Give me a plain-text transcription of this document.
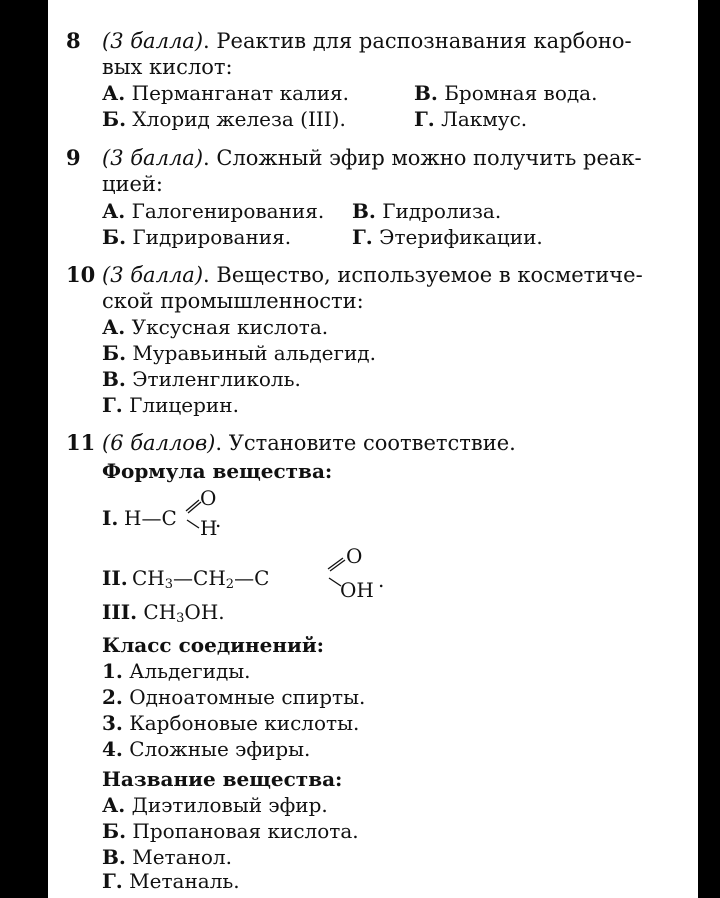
8 (3 балла). Реактив для распознавания карбоно-
вых кислот:
А. Перманганат калия.	В. Бромная вода.
Б. Хлорид железа (III).	Г. Лакмус.
9 (3 балла). Сложный эфир можно получить реак-
цией:
А. Галогенирования. В. Гидролиза.
Б. Гидрирования.	Г. Этерификации.
10 (3 балла). Вещество, используемое в косметиче-
ской промышленности:
А. Уксусная кислота.
Б. Муравьиный альдегид.
В. Этиленгликоль.
Г. Глицерин.
11 (6 баллов). Установите соответствие.
Формула вещества:
I. H—C
O
H
.
II. $CH_3—CH_2—C$
O
OH .
III. $CH_3OH$.
Класс соединений:
1. Альдегиды.
2. Одноатомные спирты.
3. Карбоновые кислоты.
4. Сложные эфиры.
Название вещества:
А. Диэтиловый эфир.
Б. Пропановая кислота.
В. Метанол.
Г. Метаналь.
